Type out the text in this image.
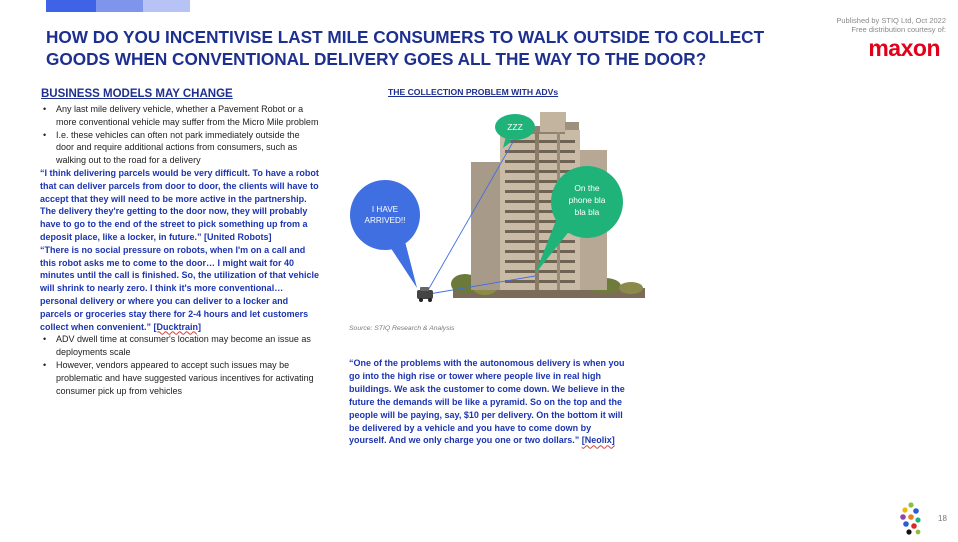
HOW DO YOU INCENTIVISE LAST MILE CONSUMERS TO WALK OUTSIDE TO COLLECT GOODS WHEN CONVENTIONAL DELIVERY GOES ALL THE WAY TO THE DOOR?
Published by STIQ Ltd, Oct 2022
Free distribution courtesy of:
maxon
BUSINESS MODELS MAY CHANGE
• Any last mile delivery vehicle, whether a Pavement Robot or a more conventional vehicle may suffer from the Micro Mile problem
• I.e. these vehicles can often not park immediately outside the door and require additional actions from consumers, such as walking out to the road for a delivery

“I think delivering parcels would be very difficult. To have a robot that can deliver parcels from door to door, the clients will have to accept that they will need to be more active in the partnership. The delivery they're getting to the door now, they will probably have to go to the end of the street to pick something up from a deposit place, like a locker, in future.” [United Robots]

“There is no social pressure on robots, when I'm on a call and this robot asks me to come to the door… I might wait for 40 minutes until the call is finished. So, the utilization of that vehicle will shrink to nearly zero. I think it's more conventional… personal delivery or where you can deliver to a locker and parcels or groceries stay there for 2-4 hours and let customers collect when convenient.” [Ducktrain]

• ADV dwell time at consumer's location may become an issue as deployments scale
• However, vendors appeared to accept such issues may be problematic and have suggested various incentives for activating consumer pick up from vehicles
THE COLLECTION PROBLEM WITH ADVs
ZZZ
I HAVE
ARRIVED!!
On the
phone bla
bla bla
Source: STIQ Research & Analysis

“One of the problems with the autonomous delivery is when you go into the high rise or tower where people live in real high buildings. We ask the customer to come down. We believe in the future the demands will be like a pyramid. So on the top and the people will be paying, say, $10 per delivery. On the bottom it will be delivered by a vehicle and you have to come down by yourself. And we only charge you one or two dollars.” [Neolix]

18
